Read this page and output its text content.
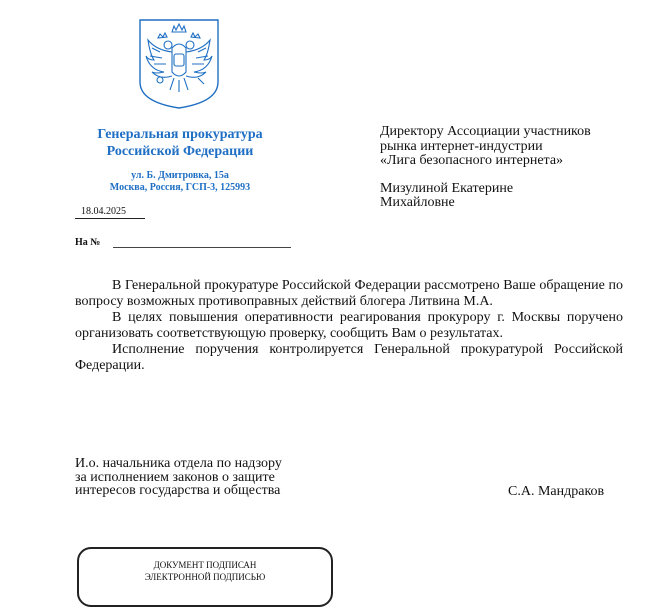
Генеральная прокуратура
Российской Федерации
ул. Б. Дмитровка, 15а
Москва, Россия, ГСП-3, 125993
18.04.2025
На №
Директору Ассоциации участников
рынка интернет-индустрии
«Лига безопасного интернета»
Мизулиной Екатерине
Михайловне

В Генеральной прокуратуре Российской Федерации рассмотрено Ваше обращение по вопросу возможных противоправных действий блогера Литвина М.А.

В целях повышения оперативности реагирования прокурору г. Москвы поручено организовать соответствующую проверку, сообщить Вам о результатах.

Исполнение поручения контролируется Генеральной прокуратурой Российской Федерации.

И.о. начальника отдела по надзору
за исполнением законов о защите
интересов государства и общества	С.А. Мандраков
ДОКУМЕНТ ПОДПИСАН
ЭЛЕКТРОННОЙ ПОДПИСЬЮ
